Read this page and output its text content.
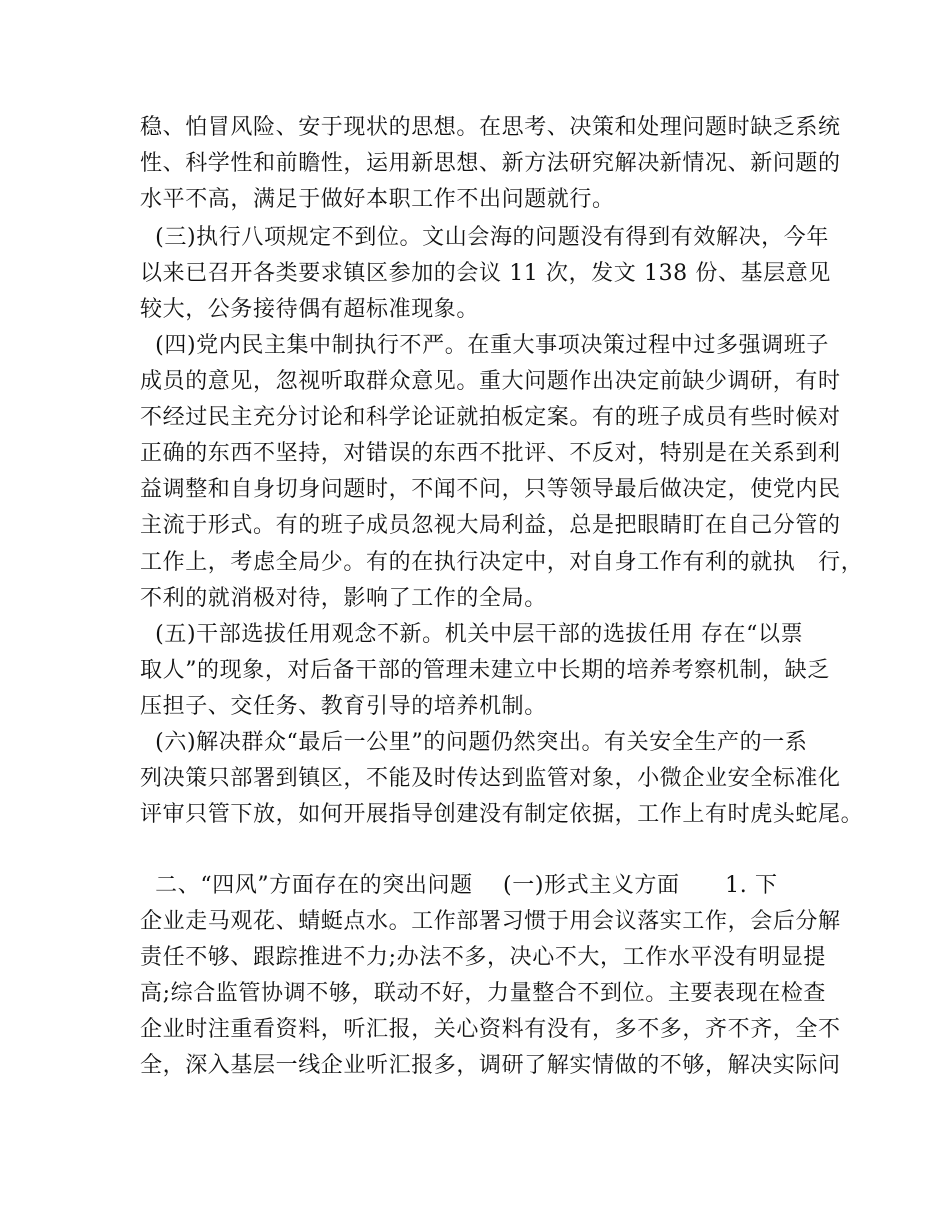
稳、怕冒风险、安于现状的思想。在思考、决策和处理问题时缺乏系统
性、科学性和前瞻性，运用新思想、新方法研究解决新情况、新问题的
水平不高，满足于做好本职工作不出问题就行。
(三)执行八项规定不到位。文山会海的问题没有得到有效解决，今年
以来已召开各类要求镇区参加的会议 11 次，发文 138 份、基层意见
较大，公务接待偶有超标准现象。
(四)党内民主集中制执行不严。在重大事项决策过程中过多强调班子
成员的意见，忽视听取群众意见。重大问题作出决定前缺少调研，有时
不经过民主充分讨论和科学论证就拍板定案。有的班子成员有些时候对
正确的东西不坚持，对错误的东西不批评、不反对，特别是在关系到利
益调整和自身切身问题时，不闻不问，只等领导最后做决定，使党内民
主流于形式。有的班子成员忽视大局利益，总是把眼睛盯在自己分管的
工作上，考虑全局少。有的在执行决定中，对自身工作有利的就执   行，
不利的就消极对待，影响了工作的全局。
(五)干部选拔任用观念不新。机关中层干部的选拔任用 存在“以票
取人”的现象，对后备干部的管理未建立中长期的培养考察机制，缺乏
压担子、交任务、教育引导的培养机制。
(六)解决群众“最后一公里”的问题仍然突出。有关安全生产的一系
列决策只部署到镇区，不能及时传达到监管对象，小微企业安全标准化
评审只管下放，如何开展指导创建没有制定依据，工作上有时虎头蛇尾。
二、“四风”方面存在的突出问题    (一)形式主义方面      1. 下
企业走马观花、蜻蜓点水。工作部署习惯于用会议落实工作，会后分解
责任不够、跟踪推进不力;办法不多，决心不大，工作水平没有明显提
高;综合监管协调不够，联动不好，力量整合不到位。主要表现在检查
企业时注重看资料，听汇报，关心资料有没有，多不多，齐不齐，全不
全，深入基层一线企业听汇报多，调研了解实情做的不够，解决实际问
